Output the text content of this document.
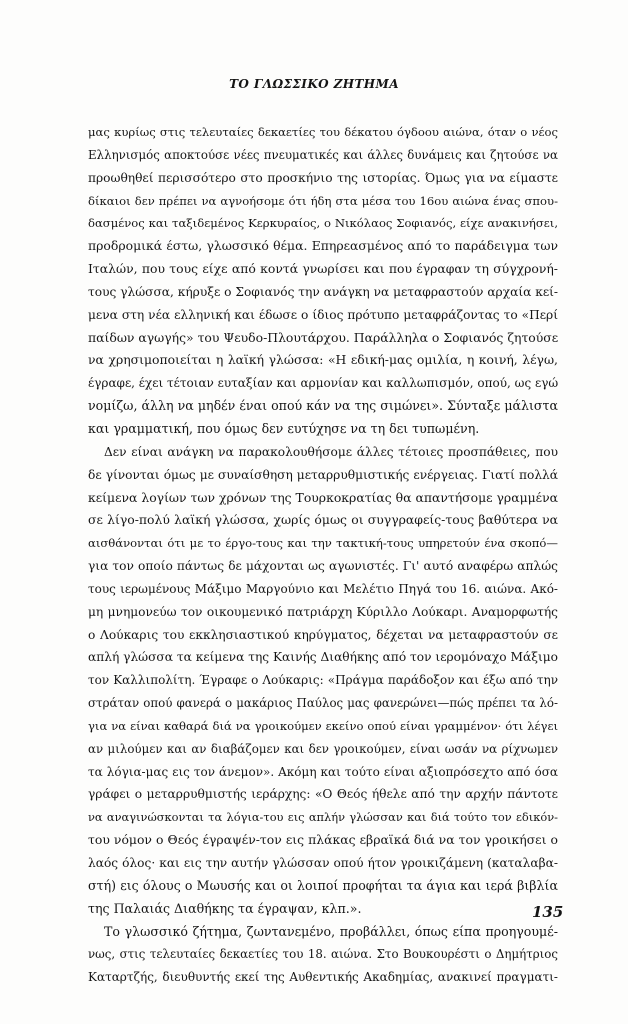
ΤΟ ΓΛΩΣΣΙΚΟ ΖΗΤΗΜΑ
μας κυρίως στις τελευταίες δεκαετίες του δέκατου όγδοου αιώνα, όταν ο νέος
Ελληνισμός αποκτούσε νέες πνευματικές και άλλες δυνάμεις και ζητούσε να
προωθηθεί περισσότερο στο προσκήνιο της ιστορίας. Όμως για να είμαστε
δίκαιοι δεν πρέπει να αγνοήσομε ότι ήδη στα μέσα του 16ου αιώνα ένας σπου-
δασμένος και ταξιδεμένος Κερκυραίος, ο Νικόλαος Σοφιανός, είχε ανακινήσει,
προδρομικά έστω, γλωσσικό θέμα. Επηρεασμένος από το παράδειγμα των
Ιταλών, που τους είχε από κοντά γνωρίσει και που έγραφαν τη σύγχρονή-
τους γλώσσα, κήρυξε ο Σοφιανός την ανάγκη να μεταφραστούν αρχαία κεί-
μενα στη νέα ελληνική και έδωσε ο ίδιος πρότυπο μεταφράζοντας το «Περί
παίδων αγωγής» του Ψευδο-Πλουτάρχου. Παράλληλα ο Σοφιανός ζητούσε
να χρησιμοποιείται η λαϊκή γλώσσα: «Η εδική-μας ομιλία, η κοινή, λέγω,
έγραφε, έχει τέτοιαν ευταξίαν και αρμονίαν και καλλωπισμόν, οπού, ως εγώ
νομίζω, άλλη να μηδέν έναι οπού κάν να της σιμώνει». Σύνταξε μάλιστα
και γραμματική, που όμως δεν ευτύχησε να τη δει τυπωμένη.
Δεν είναι ανάγκη να παρακολουθήσομε άλλες τέτοιες προσπάθειες, που
δε γίνονται όμως με συναίσθηση μεταρρυθμιστικής ενέργειας. Γιατί πολλά
κείμενα λογίων των χρόνων της Τουρκοκρατίας θα απαντήσομε γραμμένα
σε λίγο-πολύ λαϊκή γλώσσα, χωρίς όμως οι συγγραφείς-τους βαθύτερα να
αισθάνονται ότι με το έργο-τους και την τακτική-τους υπηρετούν ένα σκοπό—
για τον οποίο πάντως δε μάχονται ως αγωνιστές. Γι' αυτό αναφέρω απλώς
τους ιερωμένους Μάξιμο Μαργούνιο και Μελέτιο Πηγά του 16. αιώνα. Ακό-
μη μνημονεύω τον οικουμενικό πατριάρχη Κύριλλο Λούκαρι. Αναμορφωτής
ο Λούκαρις του εκκλησιαστικού κηρύγματος, δέχεται να μεταφραστούν σε
απλή γλώσσα τα κείμενα της Καινής Διαθήκης από τον ιερομόναχο Μάξιμο
τον Καλλιπολίτη. Έγραφε ο Λούκαρις: «Πράγμα παράδοξον και έξω από την
στράταν οπού φανερά ο μακάριος Παύλος μας φανερώνει—πώς πρέπει τα λό-
για να είναι καθαρά διά να γροικούμεν εκείνο οπού είναι γραμμένον· ότι λέγει
αν μιλούμεν και αν διαβάζομεν και δεν γροικούμεν, είναι ωσάν να ρίχνωμεν
τα λόγια-μας εις τον άνεμον». Ακόμη και τούτο είναι αξιοπρόσεχτο από όσα
γράφει ο μεταρρυθμιστής ιεράρχης: «Ο Θεός ήθελε από την αρχήν πάντοτε
να αναγινώσκονται τα λόγια-του εις απλήν γλώσσαν και διά τούτο τον εδικόν-
του νόμον ο Θεός έγραψέν-τον εις πλάκας εβραϊκά διά να τον γροικήσει ο
λαός όλος· και εις την αυτήν γλώσσαν οπού ήτον γροικιζάμενη (καταλαβα-
στή) εις όλους ο Μωυσής και οι λοιποί προφήται τα άγια και ιερά βιβλία
της Παλαιάς Διαθήκης τα έγραψαν, κλπ.».
Το γλωσσικό ζήτημα, ζωντανεμένο, προβάλλει, όπως είπα προηγουμέ-
νως, στις τελευταίες δεκαετίες του 18. αιώνα. Στο Βουκουρέστι ο Δημήτριος
Καταρτζής, διευθυντής εκεί της Αυθεντικής Ακαδημίας, ανακινεί πραγματι-
135
